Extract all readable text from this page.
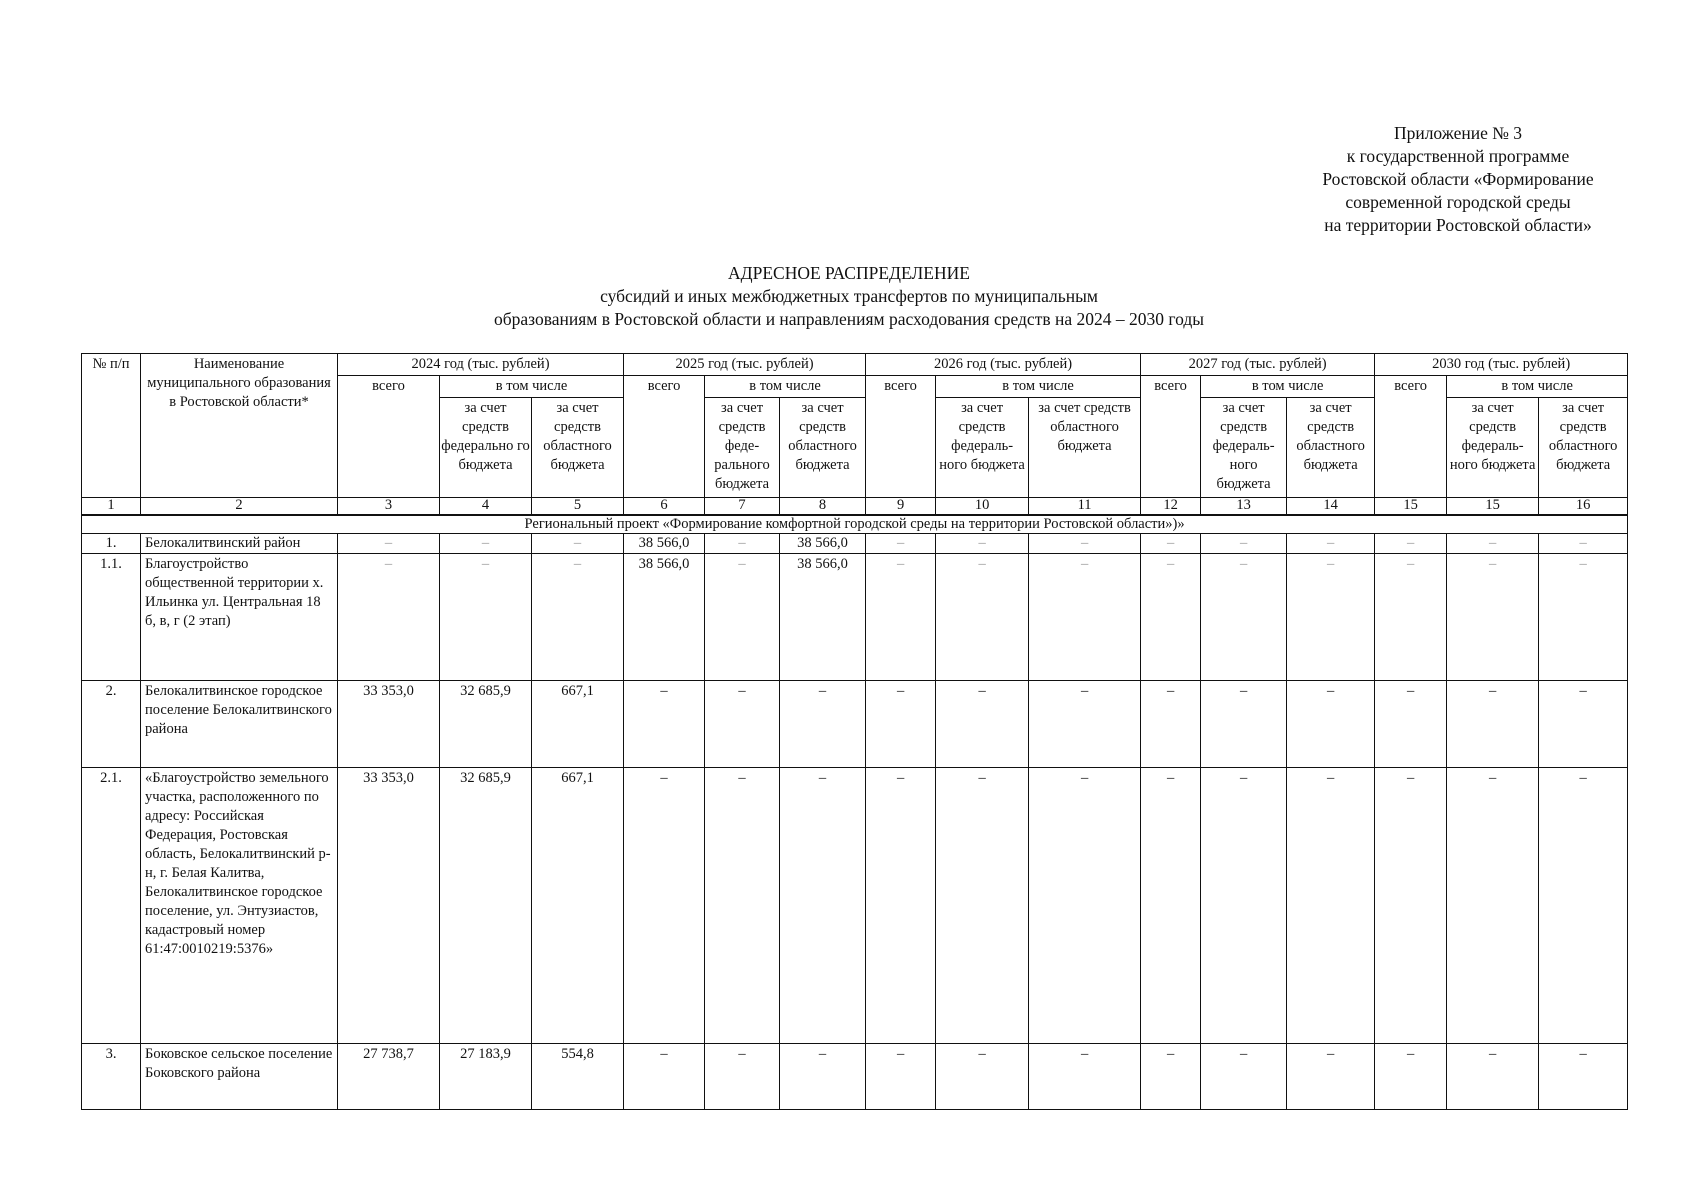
Приложение № 3
к государственной программе
Ростовской области «Формирование
современной городской среды
на территории Ростовской области»
АДРЕСНОЕ РАСПРЕДЕЛЕНИЕ
субсидий и иных межбюджетных трансфертов по муниципальным
образованиям в Ростовской области и направлениям расходования средств на 2024 – 2030 годы
№ п/п	Наименование муниципального образования в Ростовской области*	2024 год (тыс. рублей)			2025 год (тыс. рублей)			2026 год (тыс. рублей)			2027 год (тыс. рублей)			2030 год (тыс. рублей)		
		всего	в том числе		всего	в том числе		всего	в том числе		всего	в том числе		всего	в том числе	
			за счет средств федерально го бюджета	за счет средств областного бюджета		за счет средств феде- рального бюджета	за счет средств областного бюджета		за счет средств федераль- ного бюджета	за счет средств областного бюджета		за счет средств федераль- ного бюджета	за счет средств областного бюджета		за счет средств федераль- ного бюджета	за счет средств областного бюджета
1	2	3	4	5	6	7	8	9	10	11	12	13	14	15	15	16
Региональный проект «Формирование комфортной городской среды на территории Ростовской области»)»																
1.	Белокалитвинский район	–	–	–	38 566,0	–	38 566,0	–	–	–	–	–	–	–	–	–
1.1.	Благоустройство общественной территории х. Ильинка ул. Центральная 18 б, в, г (2 этап)	–	–	–	38 566,0	–	38 566,0	–	–	–	–	–	–	–	–	–
2.	Белокалитвинское городское поселение Белокалитвинского района	33 353,0	32 685,9	667,1	–	–	–	–	–	–	–	–	–	–	–	–
2.1.	«Благоустройство земельного участка, расположенного по адресу: Российская Федерация, Ростовская область, Белокалитвинский р-н, г. Белая Калитва, Белокалитвинское городское поселение, ул. Энтузиастов, кадастровый номер 61:47:0010219:5376»	33 353,0	32 685,9	667,1	–	–	–	–	–	–	–	–	–	–	–	–
3.	Боковское сельское поселение Боковского района	27 738,7	27 183,9	554,8	–	–	–	–	–	–	–	–	–	–	–	–
